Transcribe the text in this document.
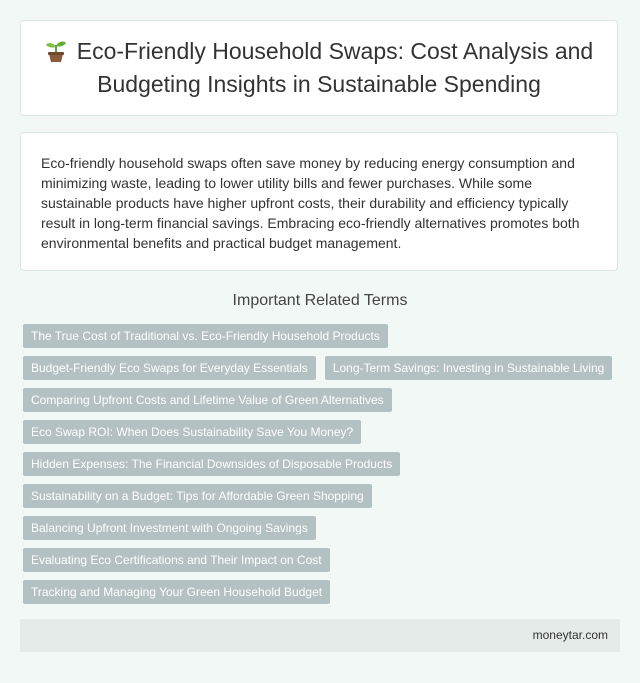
Eco-Friendly Household Swaps: Cost Analysis and Budgeting Insights in Sustainable Spending

Eco-friendly household swaps often save money by reducing energy consumption and minimizing waste, leading to lower utility bills and fewer purchases. While some sustainable products have higher upfront costs, their durability and efficiency typically result in long-term financial savings. Embracing eco-friendly alternatives promotes both environmental benefits and practical budget management.

Important Related Terms
The True Cost of Traditional vs. Eco-Friendly Household Products
Budget-Friendly Eco Swaps for Everyday Essentials	Long-Term Savings: Investing in Sustainable Living
Comparing Upfront Costs and Lifetime Value of Green Alternatives
Eco Swap ROI: When Does Sustainability Save You Money?
Hidden Expenses: The Financial Downsides of Disposable Products
Sustainability on a Budget: Tips for Affordable Green Shopping
Balancing Upfront Investment with Ongoing Savings
Evaluating Eco Certifications and Their Impact on Cost
Tracking and Managing Your Green Household Budget
moneytar.com
